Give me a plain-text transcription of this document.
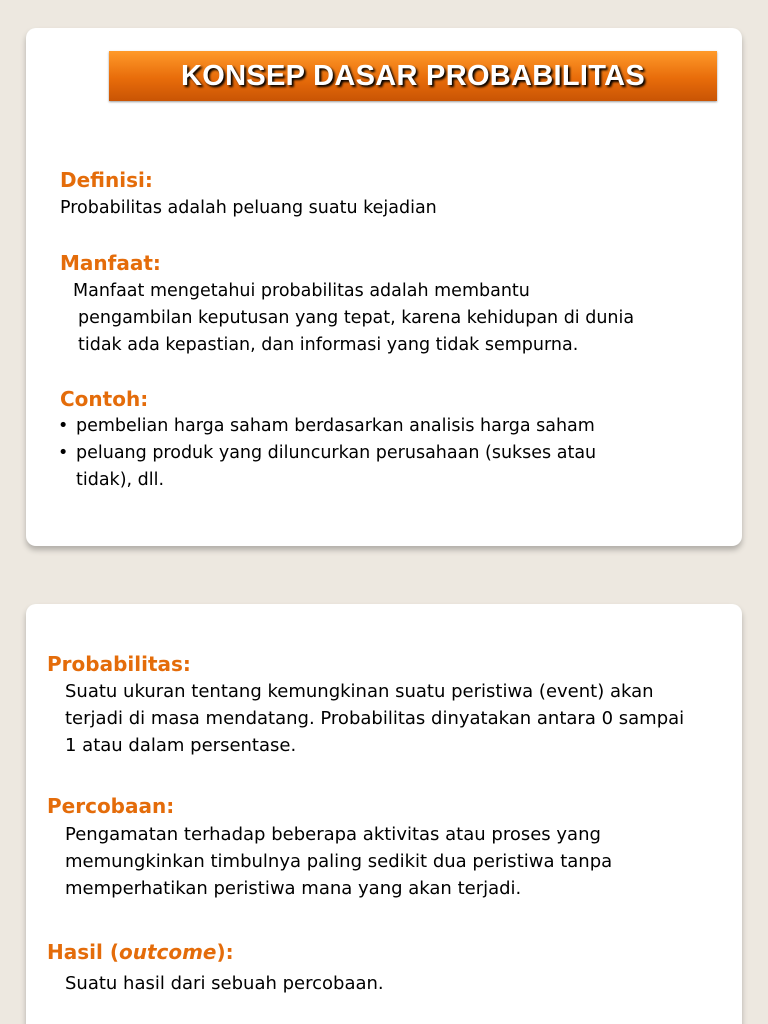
KONSEP DASAR PROBABILITAS
Definisi:
Probabilitas adalah peluang suatu kejadian
Manfaat:
Manfaat mengetahui probabilitas adalah membantu
pengambilan keputusan yang tepat, karena kehidupan di dunia
tidak ada kepastian, dan informasi yang tidak sempurna.
Contoh:
• pembelian harga saham berdasarkan analisis harga saham
• peluang produk yang diluncurkan perusahaan (sukses atau
tidak), dll.
Probabilitas:
Suatu ukuran tentang kemungkinan suatu peristiwa (event) akan
terjadi di masa mendatang. Probabilitas dinyatakan antara 0 sampai
1 atau dalam persentase.
Percobaan:
Pengamatan terhadap beberapa aktivitas atau proses yang
memungkinkan timbulnya paling sedikit dua peristiwa tanpa
memperhatikan peristiwa mana yang akan terjadi.
Hasil (outcome):
Suatu hasil dari sebuah percobaan.
